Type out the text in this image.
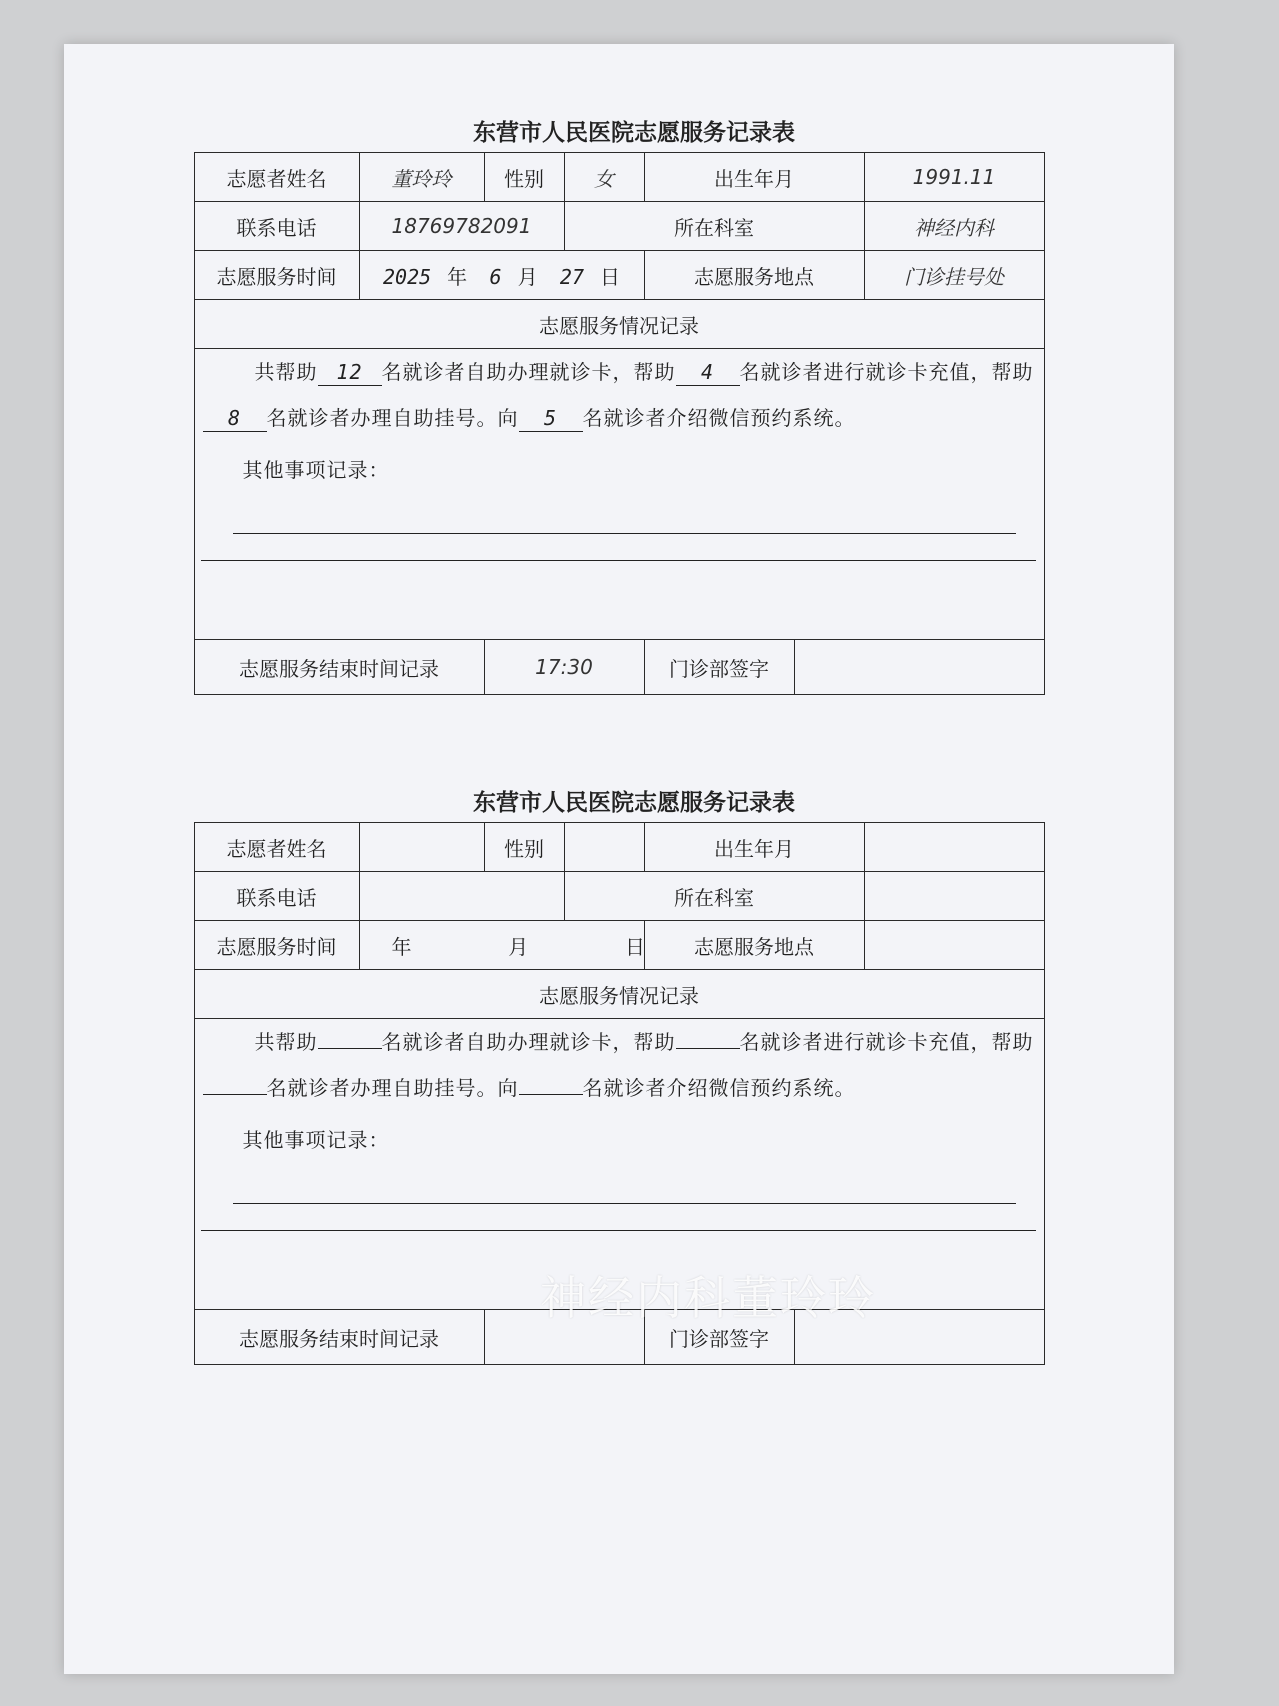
东营市人民医院志愿服务记录表
志愿者姓名	董玲玲	性别	女	出生年月		1991.11
联系电话	18769782091		所在科室			神经内科
志愿服务时间	2025 年 6 月 27 日			志愿服务地点		门诊挂号处
志愿服务情况记录						

共帮助 12 名就诊者自助办理就诊卡，帮助 4 名就诊者进行就诊卡充值，帮助8 名就诊者办理自助挂号。向 5 名就诊者介绍微信预约系统。
其他事项记录：						

志愿服务结束时间记录		17:30		门诊部签字		
东营市人民医院志愿服务记录表
志愿者姓名		性别		出生年月		
联系电话			所在科室			
志愿服务时间	年 月 日			志愿服务地点		
志愿服务情况记录						

共帮助 名就诊者自助办理就诊卡，帮助 名就诊者进行就诊卡充值，帮助名就诊者办理自助挂号。向 名就诊者介绍微信预约系统。
其他事项记录：						

志愿服务结束时间记录				门诊部签字		
神经内科董玲玲
